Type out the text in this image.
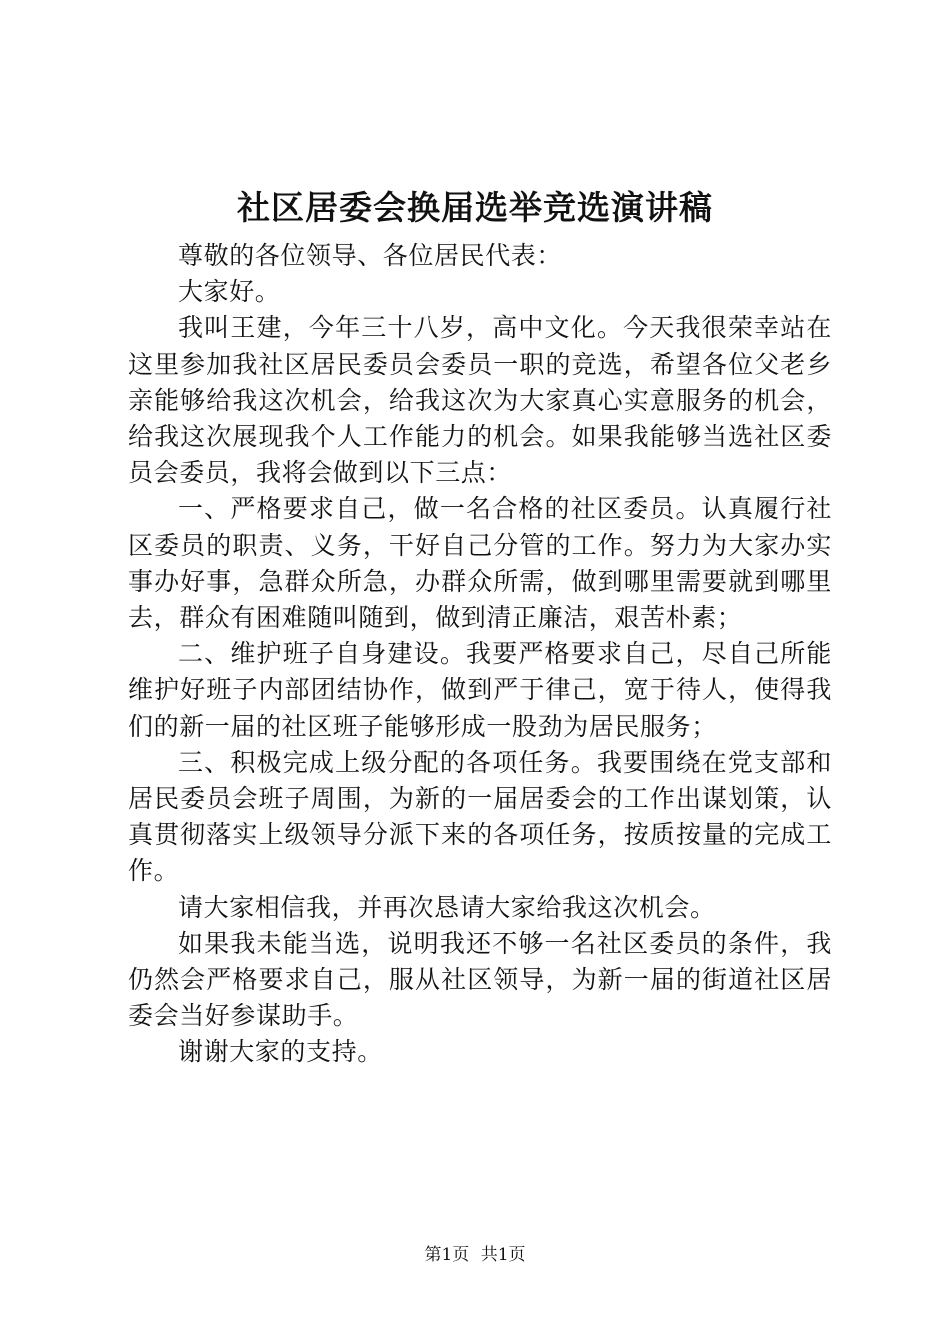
社区居委会换届选举竞选演讲稿

尊敬的各位领导、各位居民代表：

大家好。

我叫王建，今年三十八岁，高中文化。今天我很荣幸站在这里参加我社区居民委员会委员一职的竞选，希望各位父老乡亲能够给我这次机会，给我这次为大家真心实意服务的机会，给我这次展现我个人工作能力的机会。如果我能够当选社区委员会委员，我将会做到以下三点：

一、严格要求自己，做一名合格的社区委员。认真履行社区委员的职责、义务，干好自己分管的工作。努力为大家办实事办好事，急群众所急，办群众所需，做到哪里需要就到哪里去，群众有困难随叫随到，做到清正廉洁，艰苦朴素；

二、维护班子自身建设。我要严格要求自己，尽自己所能维护好班子内部团结协作，做到严于律己，宽于待人，使得我们的新一届的社区班子能够形成一股劲为居民服务；

三、积极完成上级分配的各项任务。我要围绕在党支部和居民委员会班子周围，为新的一届居委会的工作出谋划策，认真贯彻落实上级领导分派下来的各项任务，按质按量的完成工作。

请大家相信我，并再次恳请大家给我这次机会。

如果我未能当选，说明我还不够一名社区委员的条件，我仍然会严格要求自己，服从社区领导，为新一届的街道社区居委会当好参谋助手。

谢谢大家的支持。

第1页 共1页
